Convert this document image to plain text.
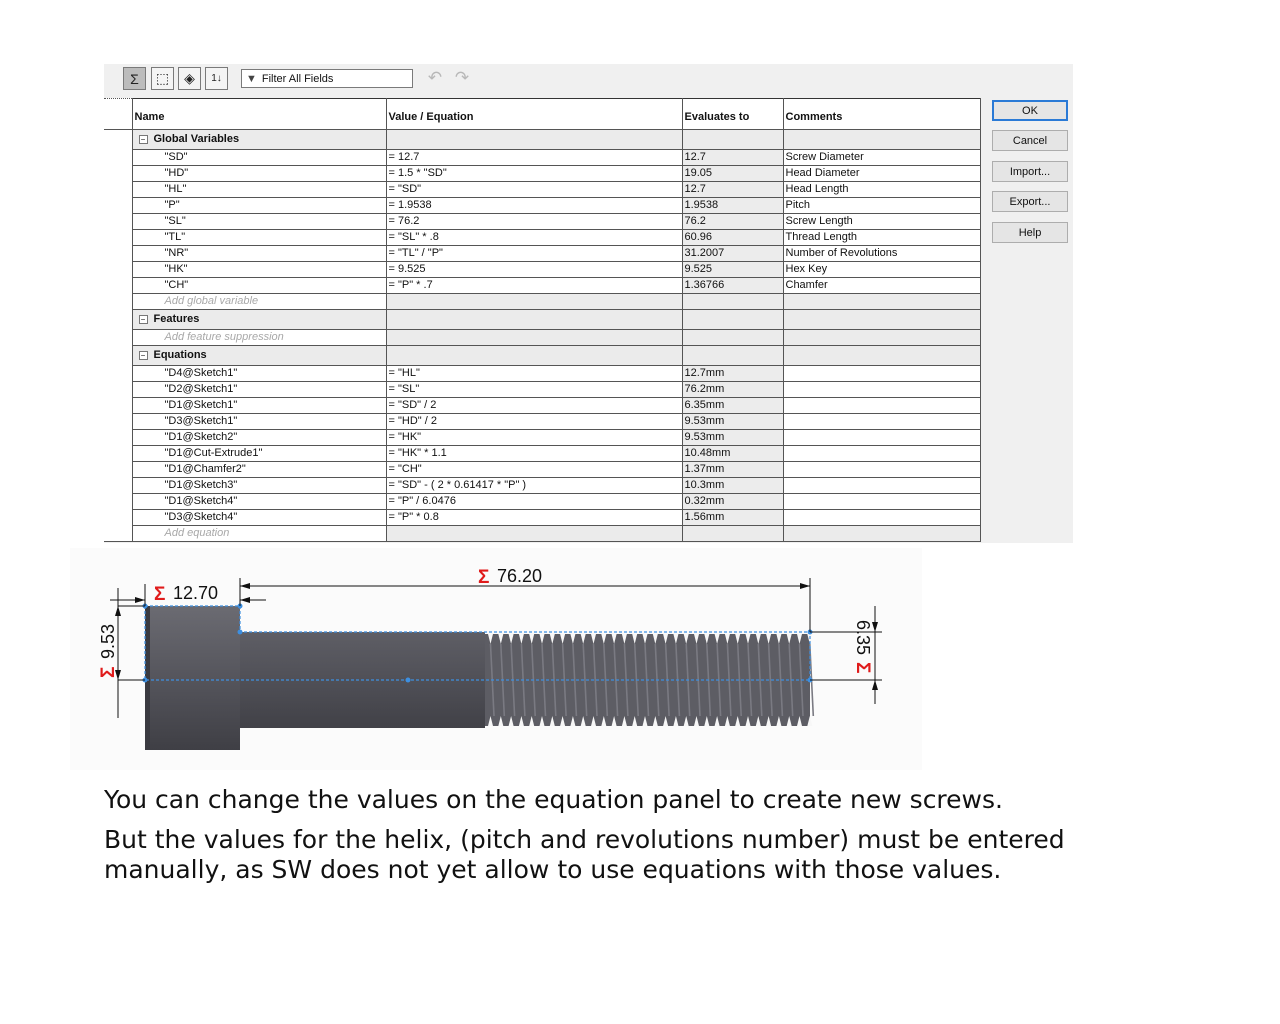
Σ	⬚	◈	1↓	▼ Filter All Fields	↶ ↷
	Name	Value / Equation	Evaluates to	Comments
	− Global Variables			
	"SD"	= 12.7	12.7	Screw Diameter
	"HD"	= 1.5 * "SD"	19.05	Head Diameter
	"HL"	= "SD"	12.7	Head Length
	"P"	= 1.9538	1.9538	Pitch
	"SL"	= 76.2	76.2	Screw Length
	"TL"	= "SL" * .8	60.96	Thread Length
	"NR"	= "TL" / "P"	31.2007	Number of Revolutions
	"HK"	= 9.525	9.525	Hex Key
	"CH"	= "P" * .7	1.36766	Chamfer
	Add global variable			
	− Features			
	Add feature suppression			
	− Equations			
	"D4@Sketch1"	= "HL"	12.7mm	
	"D2@Sketch1"	= "SL"	76.2mm	
	"D1@Sketch1"	= "SD" / 2	6.35mm	
	"D3@Sketch1"	= "HD" / 2	9.53mm	
	"D1@Sketch2"	= "HK"	9.53mm	
	"D1@Cut-Extrude1"	= "HK" * 1.1	10.48mm	
	"D1@Chamfer2"	= "CH"	1.37mm	
	"D1@Sketch3"	= "SD" - ( 2 * 0.61417 * "P" )	10.3mm	
	"D1@Sketch4"	= "P" / 6.0476	0.32mm	
	"D3@Sketch4"	= "P" * 0.8	1.56mm	
	Add equation			
OK
Cancel
Import...
Export...
Help
Σ 12.70
Σ 76.20
Σ
9.53	6.35
Σ

You can change the values on the equation panel to create new screws.

But the values for the helix, (pitch and revolutions number) must be entered

manually, as SW does not yet allow to use equations with those values.
